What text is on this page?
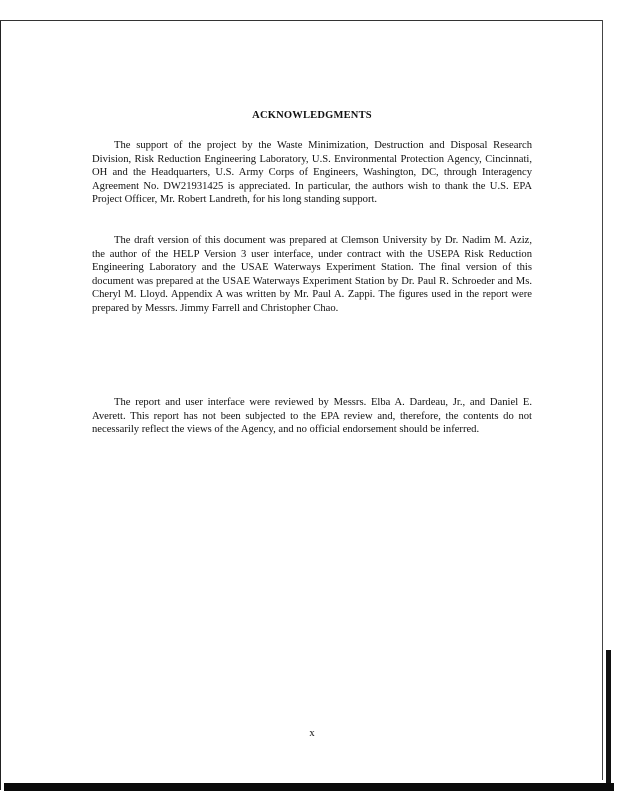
ACKNOWLEDGMENTS

The support of the project by the Waste Minimization, Destruction and Disposal Research Division, Risk Reduction Engineering Laboratory, U.S. Environmental Protection Agency, Cincinnati, OH and the Headquarters, U.S. Army Corps of Engineers, Washington, DC, through Interagency Agreement No. DW21931425 is appreciated. In particular, the authors wish to thank the U.S. EPA Project Officer, Mr. Robert Landreth, for his long standing support.

The draft version of this document was prepared at Clemson University by Dr. Nadim M. Aziz, the author of the HELP Version 3 user interface, under contract with the USEPA Risk Reduction Engineering Laboratory and the USAE Waterways Experiment Station. The final version of this document was prepared at the USAE Waterways Experiment Station by Dr. Paul R. Schroeder and Ms. Cheryl M. Lloyd. Appendix A was written by Mr. Paul A. Zappi. The figures used in the report were prepared by Messrs. Jimmy Farrell and Christopher Chao.

The report and user interface were reviewed by Messrs. Elba A. Dardeau, Jr., and Daniel E. Averett. This report has not been subjected to the EPA review and, therefore, the contents do not necessarily reflect the views of the Agency, and no official endorsement should be inferred.

x
